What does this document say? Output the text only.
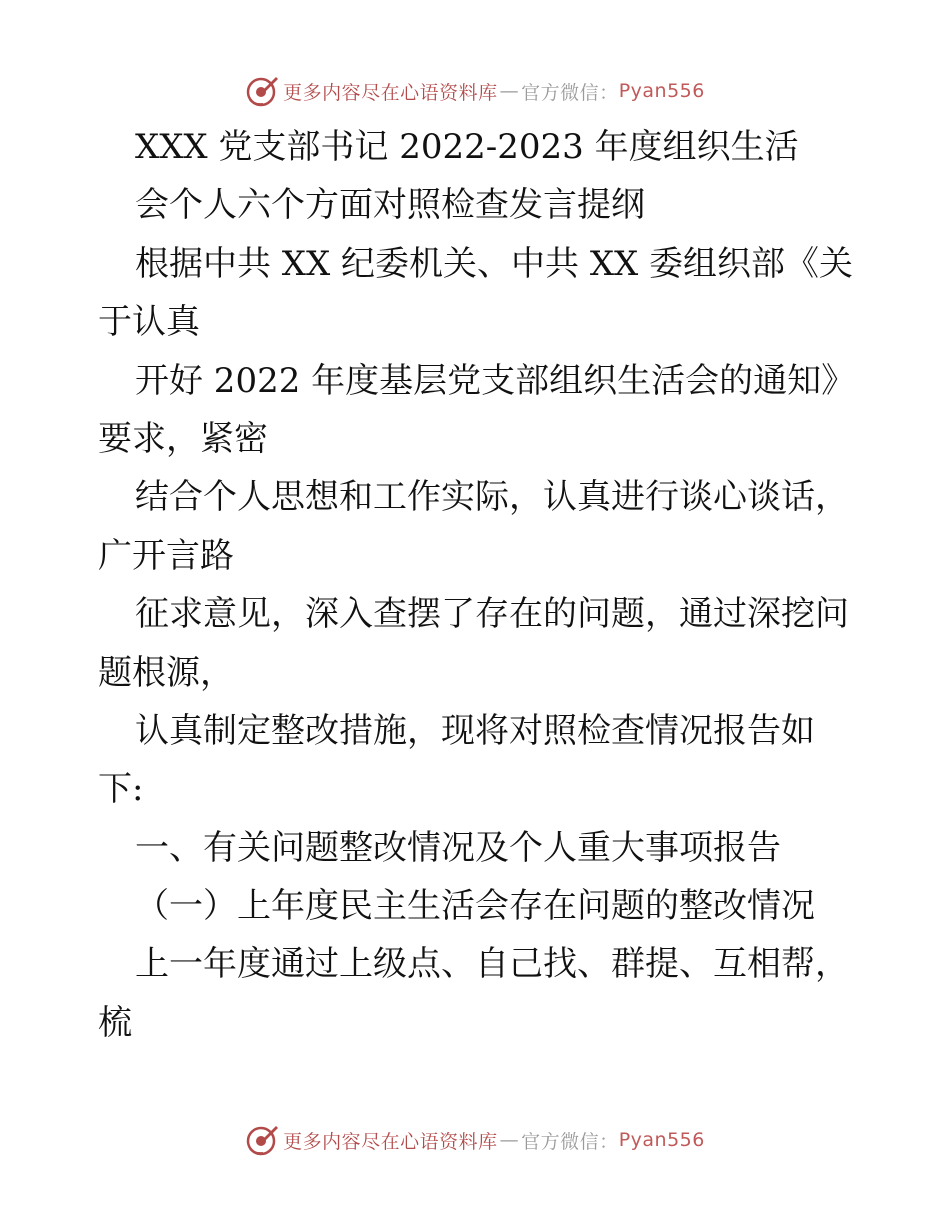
更多内容尽在心语资料库 — 官方微信： Pyan556
XXX 党支部书记 2022-2023 年度组织生活
会个人六个方面对照检查发言提纲
根据中共 XX 纪委机关、中共 XX 委组织部《关
于认真
开好 2022 年度基层党支部组织生活会的通知》
要求，紧密
结合个人思想和工作实际，认真进行谈心谈话，
广开言路
征求意见，深入查摆了存在的问题，通过深挖问
题根源，
认真制定整改措施，现将对照检查情况报告如
下:
一、有关问题整改情况及个人重大事项报告
（一）上年度民主生活会存在问题的整改情况
上一年度通过上级点、自己找、群提、互相帮，
梳
更多内容尽在心语资料库 — 官方微信： Pyan556
